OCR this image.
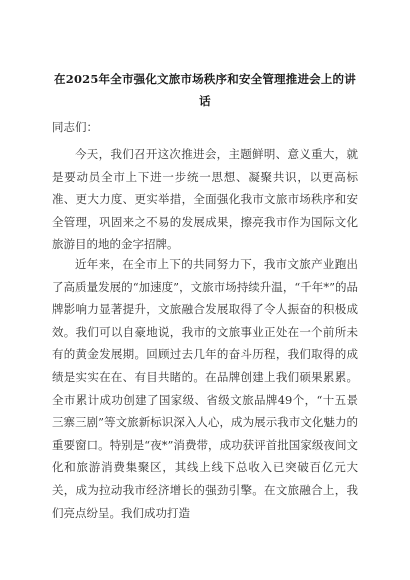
在2025年全市强化文旅市场秩序和安全管理推进会上的讲话
同志们：

今天，我们召开这次推进会，主题鲜明、意义重大，就是要动员全市上下进一步统一思想、凝聚共识，以更高标准、更大力度、更实举措，全面强化我市文旅市场秩序和安全管理，巩固来之不易的发展成果，擦亮我市作为国际文化旅游目的地的金字招牌。

近年来，在全市上下的共同努力下，我市文旅产业跑出了高质量发展的“加速度”，文旅市场持续升温，“千年*”的品牌影响力显著提升，文旅融合发展取得了令人振奋的积极成效。我们可以自豪地说，我市的文旅事业正处在一个前所未有的黄金发展期。回顾过去几年的奋斗历程，我们取得的成绩是实实在在、有目共睹的。在品牌创建上我们硕果累累。全市累计成功创建了国家级、省级文旅品牌49个，“十五景三寨三剧”等文旅新标识深入人心，成为展示我市文化魅力的重要窗口。特别是“夜*”消费带，成功获评首批国家级夜间文化和旅游消费集聚区，其线上线下总收入已突破百亿元大关，成为拉动我市经济增长的强劲引擎。在文旅融合上，我们亮点纷呈。我们成功打造
